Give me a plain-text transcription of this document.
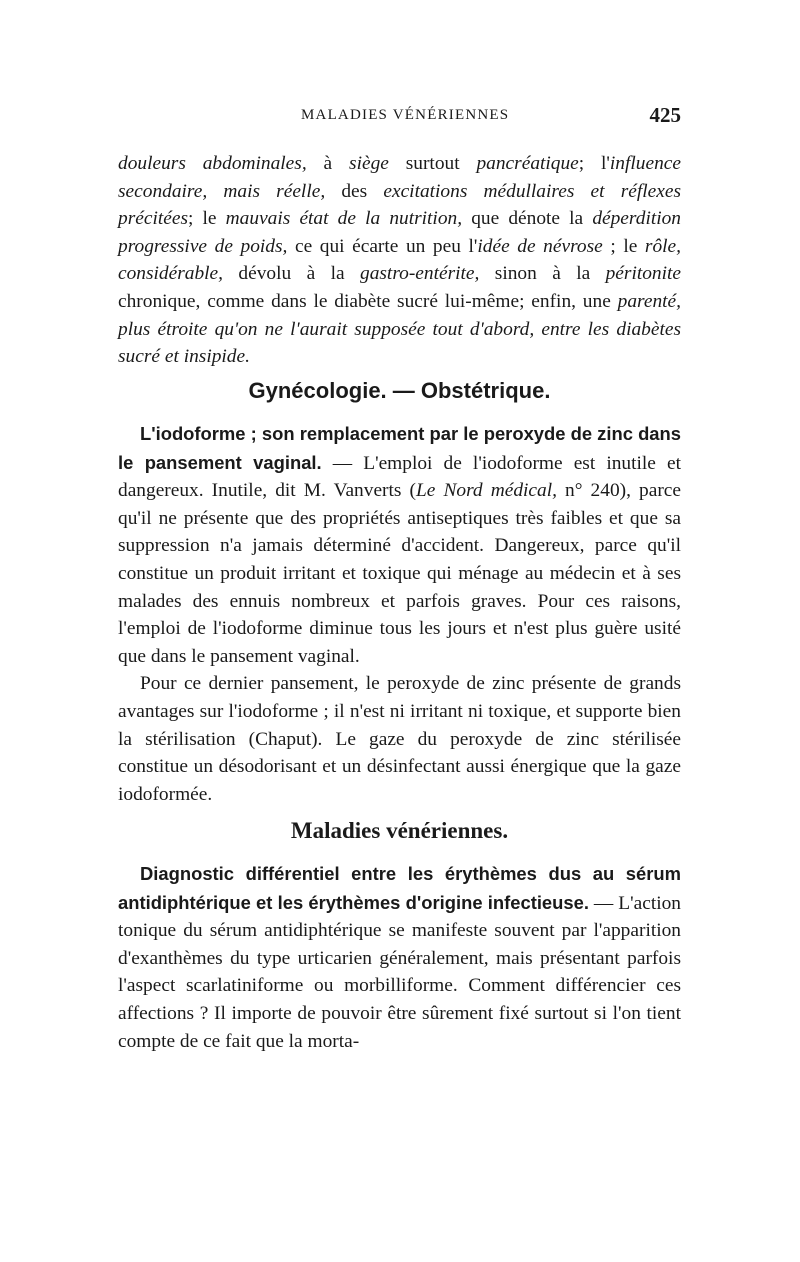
MALADIES VÉNÉRIENNES	425

douleurs abdominales, à siège surtout pancréatique; l'influence secondaire, mais réelle, des excitations médullaires et réflexes précitées; le mauvais état de la nutrition, que dénote la déperdition progressive de poids, ce qui écarte un peu l'idée de névrose ; le rôle, considérable, dévolu à la gastro-entérite, sinon à la péritonite chronique, comme dans le diabète sucré lui-même; enfin, une parenté, plus étroite qu'on ne l'aurait supposée tout d'abord, entre les diabètes sucré et insipide.

Gynécologie. — Obstétrique.

L'iodoforme ; son remplacement par le peroxyde de zinc dans le pansement vaginal. — L'emploi de l'iodoforme est inutile et dangereux. Inutile, dit M. Vanverts (Le Nord médical, n° 240), parce qu'il ne présente que des propriétés antiseptiques très faibles et que sa suppression n'a jamais déterminé d'accident. Dangereux, parce qu'il constitue un produit irritant et toxique qui ménage au médecin et à ses malades des ennuis nombreux et parfois graves. Pour ces raisons, l'emploi de l'iodoforme diminue tous les jours et n'est plus guère usité que dans le pansement vaginal.

Pour ce dernier pansement, le peroxyde de zinc présente de grands avantages sur l'iodoforme ; il n'est ni irritant ni toxique, et supporte bien la stérilisation (Chaput). Le gaze du peroxyde de zinc stérilisée constitue un désodorisant et un désinfectant aussi énergique que la gaze iodoformée.

Maladies vénériennes.

Diagnostic différentiel entre les érythèmes dus au sérum antidiphtérique et les érythèmes d'origine infectieuse. — L'action tonique du sérum antidiphtérique se manifeste souvent par l'apparition d'exanthèmes du type urticarien généralement, mais présentant parfois l'aspect scarlatiniforme ou morbilliforme. Comment différencier ces affections ? Il importe de pouvoir être sûrement fixé surtout si l'on tient compte de ce fait que la morta-
